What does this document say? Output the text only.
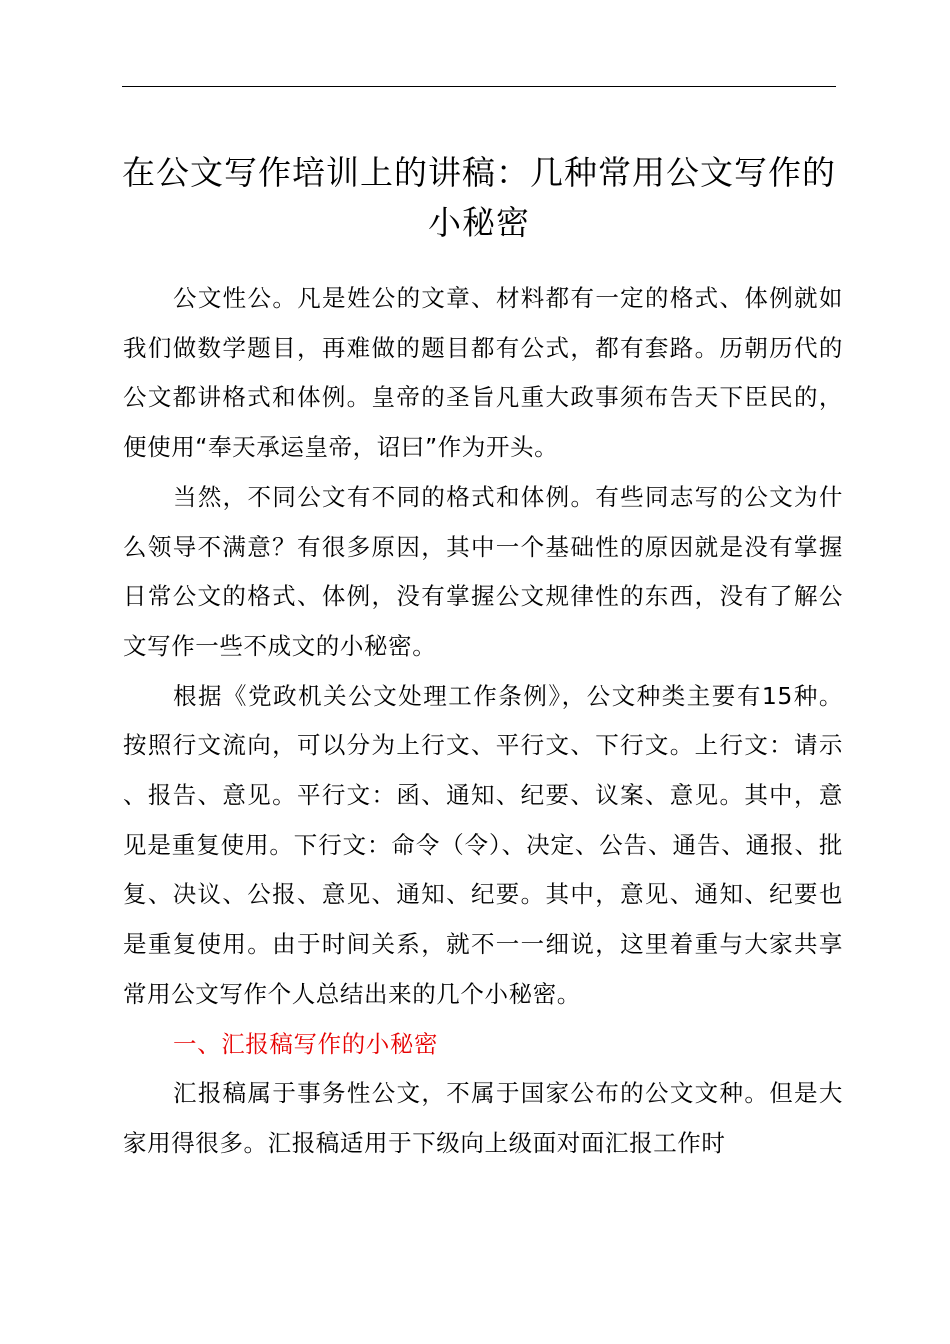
在公文写作培训上的讲稿：几种常用公文写作的小秘密

公文性公。凡是姓公的文章、材料都有一定的格式、体例就如我们做数学题目，再难做的题目都有公式，都有套路。历朝历代的公文都讲格式和体例。皇帝的圣旨凡重大政事须布告天下臣民的，便使用“奉天承运皇帝，诏曰”作为开头。

当然，不同公文有不同的格式和体例。有些同志写的公文为什么领导不满意？有很多原因，其中一个基础性的原因就是没有掌握日常公文的格式、体例，没有掌握公文规律性的东西，没有了解公文写作一些不成文的小秘密。

根据《党政机关公文处理工作条例》，公文种类主要有15种。按照行文流向，可以分为上行文、平行文、下行文。上行文：请示、报告、意见。平行文：函、通知、纪要、议案、意见。其中，意见是重复使用。下行文：命令（令）、决定、公告、通告、通报、批复、决议、公报、意见、通知、纪要。其中，意见、通知、纪要也是重复使用。由于时间关系，就不一一细说，这里着重与大家共享常用公文写作个人总结出来的几个小秘密。

一、汇报稿写作的小秘密

汇报稿属于事务性公文，不属于国家公布的公文文种。但是大家用得很多。汇报稿适用于下级向上级面对面汇报工作时
